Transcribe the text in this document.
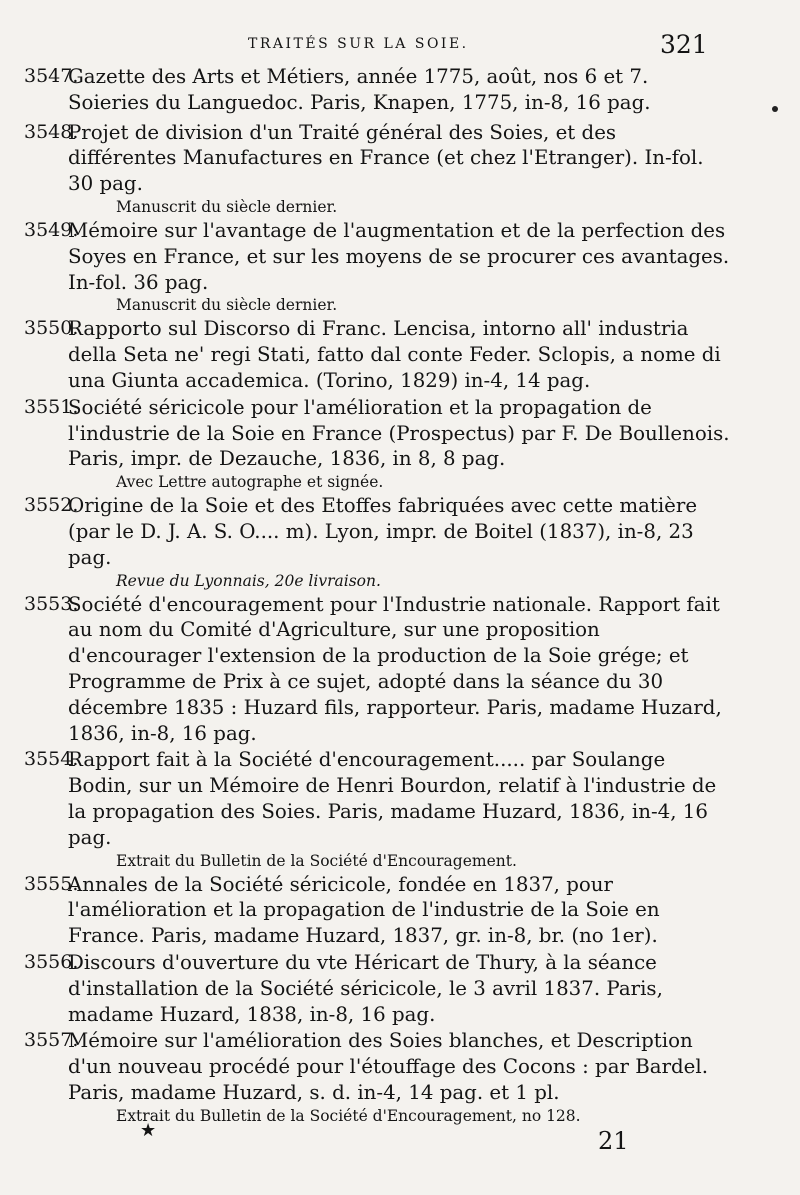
TRAITÉS SUR LA SOIE.	321
3547.

Gazette des Arts et Métiers, année 1775, août, nos 6 et 7. Soieries du Languedoc. Paris, Knapen, 1775, in-8, 16 pag.

3548.

Projet de division d'un Traité général des Soies, et des différentes Manufactures en France (et chez l'Etranger). In-fol. 30 pag.

Manuscrit du siècle dernier.
3549.

Mémoire sur l'avantage de l'augmentation et de la perfection des Soyes en France, et sur les moyens de se procurer ces avantages. In-fol. 36 pag.

Manuscrit du siècle dernier.
3550.

Rapporto sul Discorso di Franc. Lencisa, intorno all' industria della Seta ne' regi Stati, fatto dal conte Feder. Sclopis, a nome di una Giunta accademica. (Torino, 1829) in-4, 14 pag.

3551.

Société séricicole pour l'amélioration et la propagation de l'industrie de la Soie en France (Prospectus) par F. De Boullenois. Paris, impr. de Dezauche, 1836, in 8, 8 pag.

Avec Lettre autographe et signée.
3552.

Origine de la Soie et des Etoffes fabriquées avec cette matière (par le D. J. A. S. O.... m). Lyon, impr. de Boitel (1837), in-8, 23 pag.

Revue du Lyonnais, 20e livraison.
3553.

Société d'encouragement pour l'Industrie nationale. Rapport fait au nom du Comité d'Agriculture, sur une proposition d'encourager l'extension de la production de la Soie grége; et Programme de Prix à ce sujet, adopté dans la séance du 30 décembre 1835 : Huzard fils, rapporteur. Paris, madame Huzard, 1836, in-8, 16 pag.

3554.

Rapport fait à la Société d'encouragement..... par Soulange Bodin, sur un Mémoire de Henri Bourdon, relatif à l'industrie de la propagation des Soies. Paris, madame Huzard, 1836, in-4, 16 pag.

Extrait du Bulletin de la Société d'Encouragement.
3555.

Annales de la Société séricicole, fondée en 1837, pour l'amélioration et la propagation de l'industrie de la Soie en France. Paris, madame Huzard, 1837, gr. in-8, br. (no 1er).

3556.

Discours d'ouverture du vte Héricart de Thury, à la séance d'installation de la Société séricicole, le 3 avril 1837. Paris, madame Huzard, 1838, in-8, 16 pag.

3557.

Mémoire sur l'amélioration des Soies blanches, et Description d'un nouveau procédé pour l'étouffage des Cocons : par Bardel. Paris, madame Huzard, s. d. in-4, 14 pag. et 1 pl.

Extrait du Bulletin de la Société d'Encouragement, no 128.
★	21
